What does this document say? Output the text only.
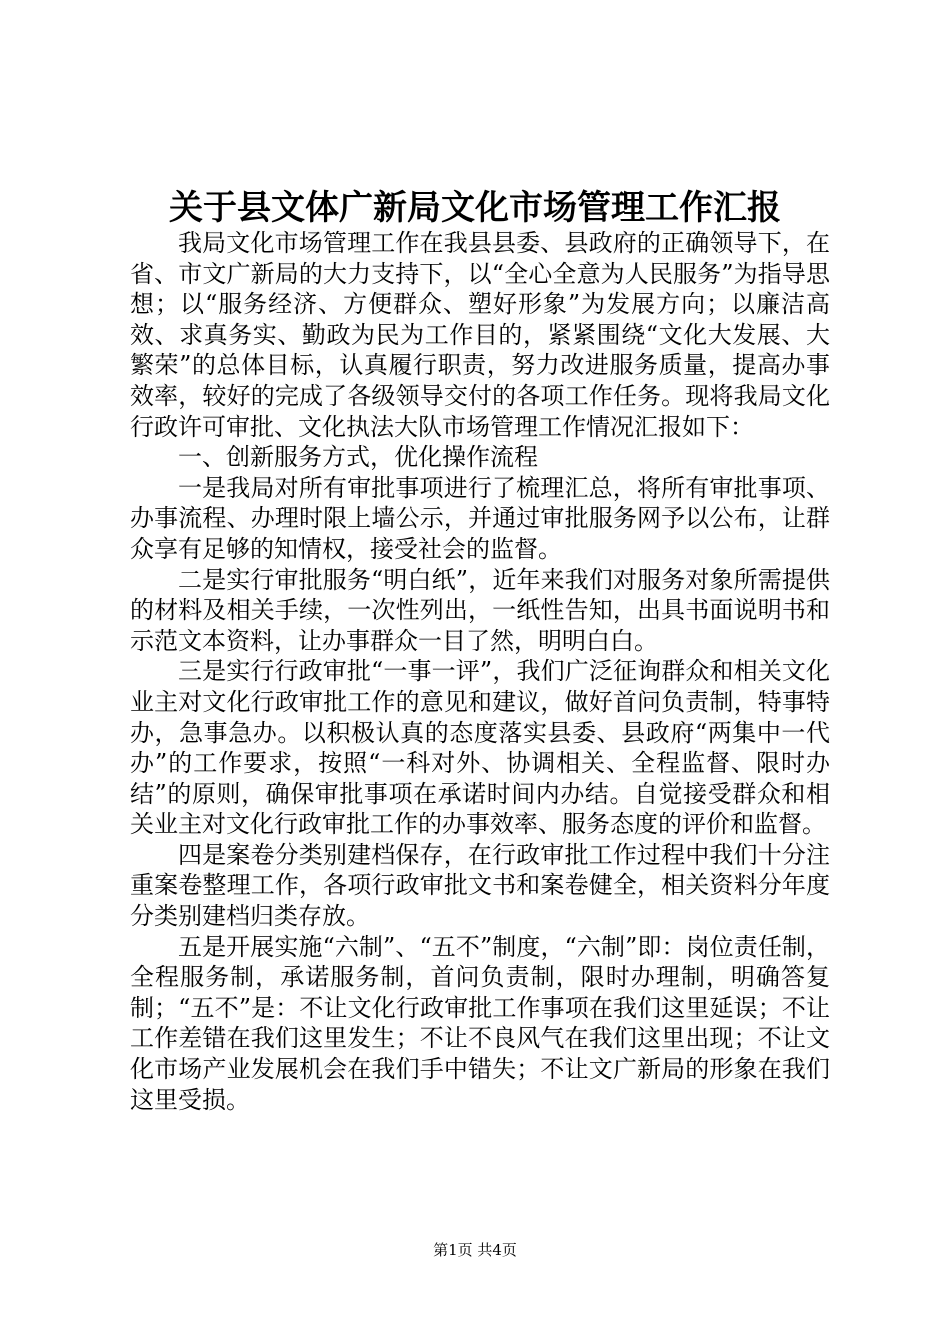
关于县文体广新局文化市场管理工作汇报

我局文化市场管理工作在我县县委、县政府的正确领导下，在省、市文广新局的大力支持下，以“全心全意为人民服务”为指导思想；以“服务经济、方便群众、塑好形象”为发展方向；以廉洁高效、求真务实、勤政为民为工作目的，紧紧围绕“文化大发展、大繁荣”的总体目标，认真履行职责，努力改进服务质量，提高办事效率，较好的完成了各级领导交付的各项工作任务。现将我局文化行政许可审批、文化执法大队市场管理工作情况汇报如下：

一、创新服务方式，优化操作流程

一是我局对所有审批事项进行了梳理汇总，将所有审批事项、办事流程、办理时限上墙公示，并通过审批服务网予以公布，让群众享有足够的知情权，接受社会的监督。

二是实行审批服务“明白纸”，近年来我们对服务对象所需提供的材料及相关手续，一次性列出，一纸性告知，出具书面说明书和示范文本资料，让办事群众一目了然，明明白白。

三是实行行政审批“一事一评”，我们广泛征询群众和相关文化业主对文化行政审批工作的意见和建议，做好首问负责制，特事特办，急事急办。以积极认真的态度落实县委、县政府“两集中一代办”的工作要求，按照“一科对外、协调相关、全程监督、限时办结”的原则，确保审批事项在承诺时间内办结。自觉接受群众和相关业主对文化行政审批工作的办事效率、服务态度的评价和监督。

四是案卷分类别建档保存，在行政审批工作过程中我们十分注重案卷整理工作，各项行政审批文书和案卷健全，相关资料分年度分类别建档归类存放。

五是开展实施“六制”、“五不”制度，“六制”即：岗位责任制，全程服务制，承诺服务制，首问负责制，限时办理制，明确答复制；“五不”是：不让文化行政审批工作事项在我们这里延误；不让工作差错在我们这里发生；不让不良风气在我们这里出现；不让文化市场产业发展机会在我们手中错失；不让文广新局的形象在我们这里受损。

第1页 共4页
